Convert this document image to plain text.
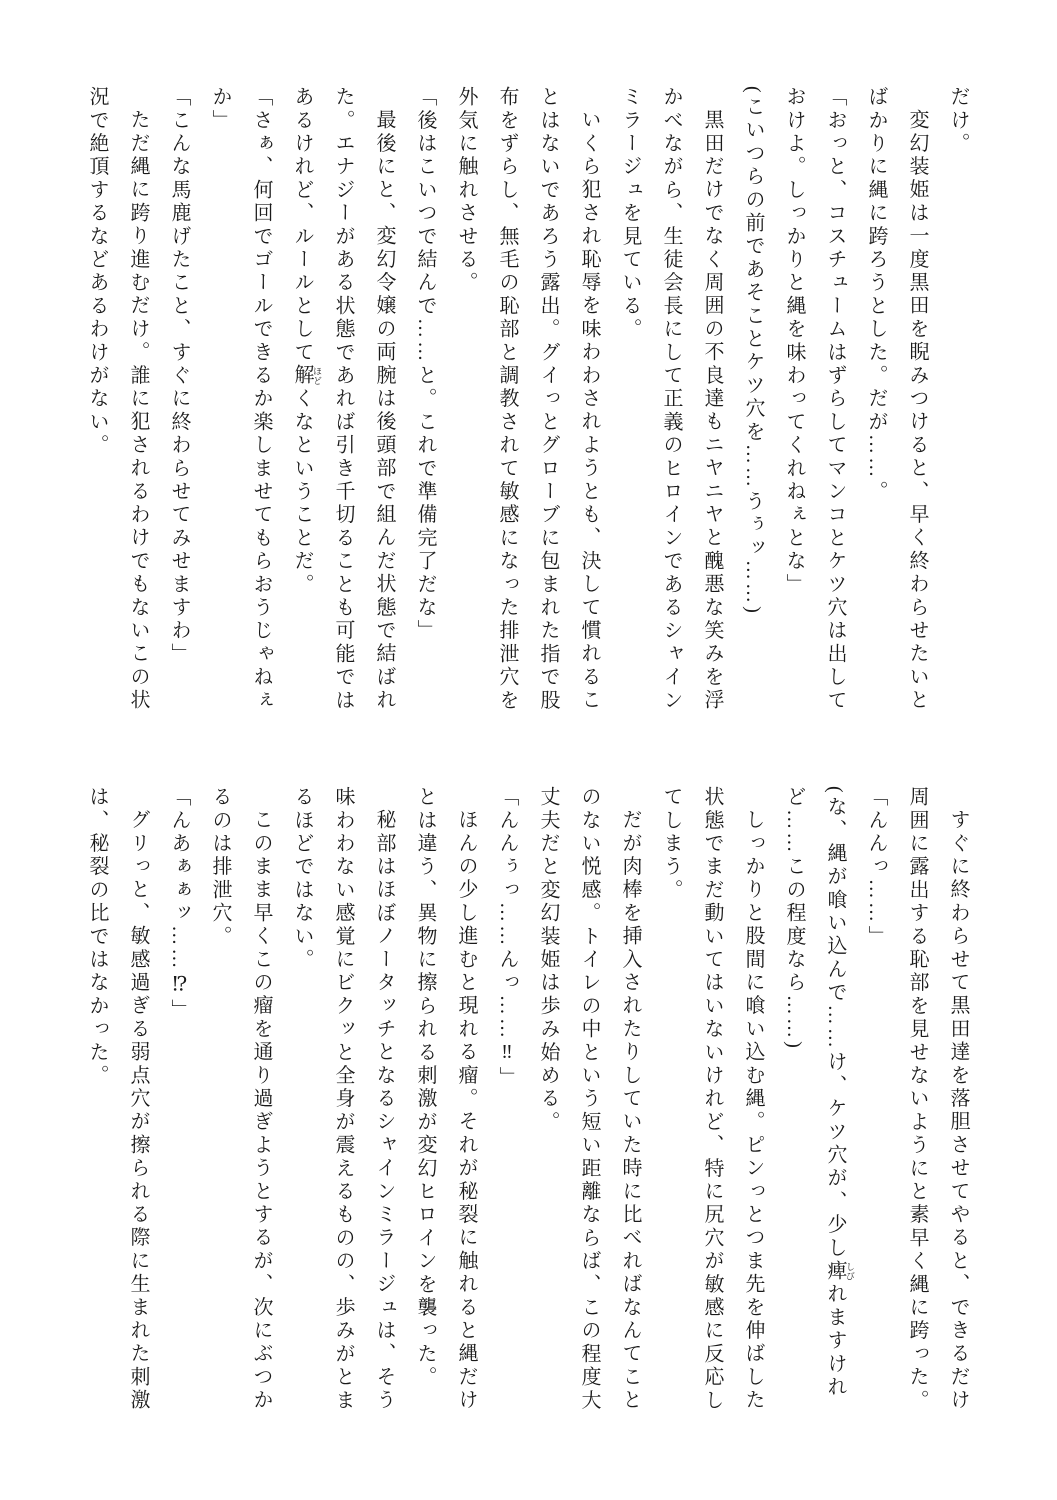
だけ。

変幻装姫は一度黒田を睨みつけると、早く終わらせたいと

ばかりに縄に跨ろうとした。だが……。

「おっと、コスチュームはずらしてマンコとケツ穴は出して

おけよ。しっかりと縄を味わってくれねぇとな」

(こいつらの前であそことケツ穴を……うぅッ……)

黒田だけでなく周囲の不良達もニヤニヤと醜悪な笑みを浮

かべながら、生徒会長にして正義のヒロインであるシャイン

ミラージュを見ている。

いくら犯され恥辱を味わわされようとも、決して慣れるこ

とはないであろう露出。グイっとグローブに包まれた指で股

布をずらし、無毛の恥部と調教されて敏感になった排泄穴を

外気に触れさせる。

「後はこいつで結んで……と。これで準備完了だな」

最後にと、変幻令嬢の両腕は後頭部で組んだ状態で結ばれ

た。エナジーがある状態であれば引き千切ることも可能では

あるけれど、ルールとして解 ほどくなということだ。

「さぁ、何回でゴールできるか楽しませてもらおうじゃねぇ

か」

「こんな馬鹿げたこと、すぐに終わらせてみせますわ」

ただ縄に跨り進むだけ。誰に犯されるわけでもないこの状

況で絶頂するなどあるわけがない。

すぐに終わらせて黒田達を落胆させてやると、できるだけ

周囲に露出する恥部を見せないようにと素早く縄に跨った。

「んんっ……」

(な、縄が喰い込んで……け、ケツ穴が、少し痺 しびれますけれ

ど……この程度なら……)

しっかりと股間に喰い込む縄。ピンっとつま先を伸ばした

状態でまだ動いてはいないけれど、特に尻穴が敏感に反応し

てしまう。

だが肉棒を挿入されたりしていた時に比べればなんてこと

のない悦感。トイレの中という短い距離ならば、この程度大

丈夫だと変幻装姫は歩み始める。

「んんぅっ……んっ……‼」

ほんの少し進むと現れる瘤。それが秘裂に触れると縄だけ

とは違う、異物に擦られる刺激が変幻ヒロインを襲った。

秘部はほぼノータッチとなるシャインミラージュは、そう

味わわない感覚にビクッと全身が震えるものの、歩みがとま

るほどではない。

このまま早くこの瘤を通り過ぎようとするが、次にぶつか

るのは排泄穴。

「んあぁぁッ……⁉」

グリっと、敏感過ぎる弱点穴が擦られる際に生まれた刺激

は、秘裂の比ではなかった。
